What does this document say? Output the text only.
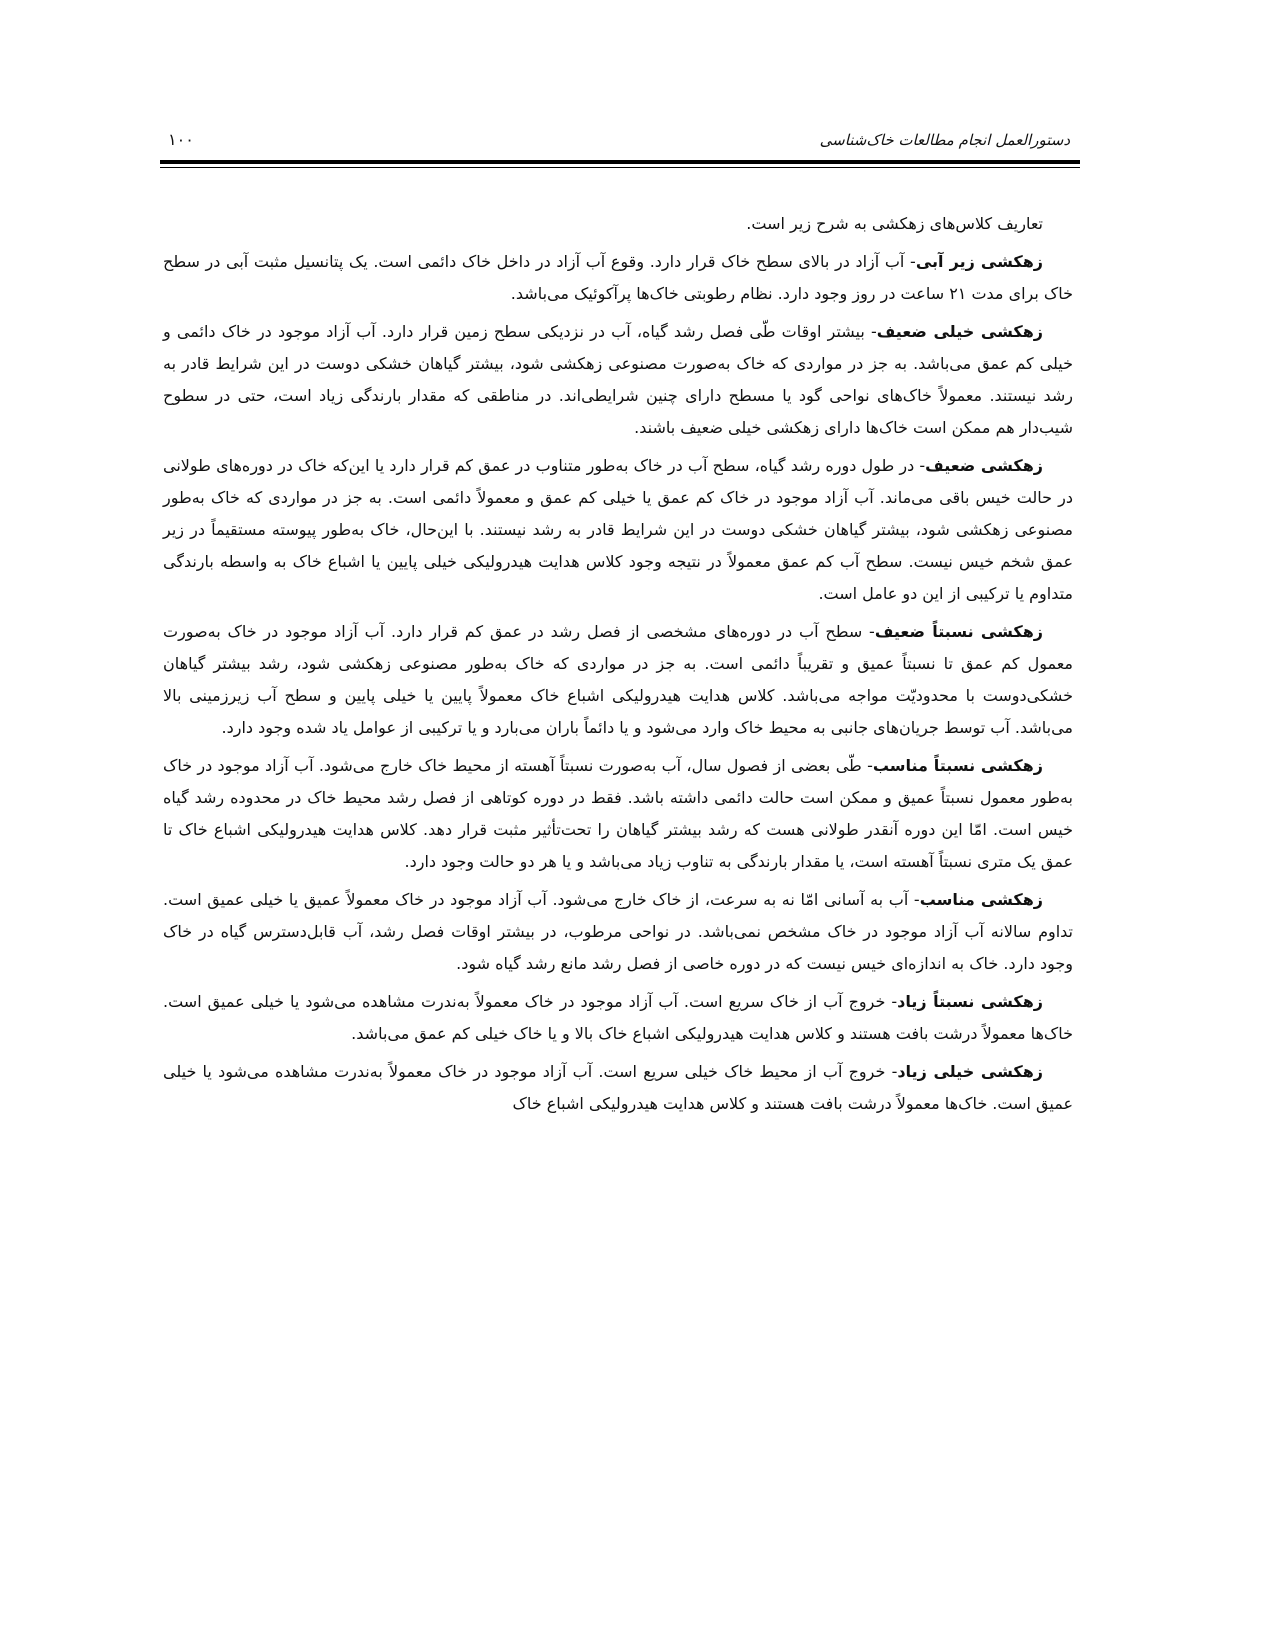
۱۰۰	دستورالعمل انجام مطالعات خاک‌شناسی

تعاریف کلاس‌های زهکشی به شرح زیر است.

زهکشی زیر آبی- آب آزاد در بالای سطح خاک قرار دارد. وقوع آب آزاد در داخل خاک دائمی است. یک پتانسیل مثبت آبی در سطح خاک برای مدت ۲۱ ساعت در روز وجود دارد. نظام رطوبتی خاک‌ها پرآکوئیک می‌باشد.

زهکشی خیلی ضعیف- بیشتر اوقات طّی فصل رشد گیاه، آب در نزدیکی سطح زمین قرار دارد. آب آزاد موجود در خاک دائمی و خیلی کم عمق می‌باشد. به جز در مواردی که خاک به‌صورت مصنوعی زهکشی شود، بیشتر گیاهان خشکی دوست در این شرایط قادر به رشد نیستند. معمولاً خاک‌های نواحی گود یا مسطح دارای چنین شرایطی‌اند. در مناطقی که مقدار بارندگی زیاد است، حتی در سطوح شیب‌دار هم ممکن است خاک‌ها دارای زهکشی خیلی ضعیف باشند.

زهکشی ضعیف- در طول دوره رشد گیاه، سطح آب در خاک به‌طور متناوب در عمق کم قرار دارد یا این‌که خاک در دوره‌های طولانی در حالت خیس باقی می‌ماند. آب آزاد موجود در خاک کم عمق یا خیلی کم عمق و معمولاً دائمی است. به جز در مواردی که خاک به‌طور مصنوعی زهکشی شود، بیشتر گیاهان خشکی دوست در این شرایط قادر به رشد نیستند. با این‌حال، خاک به‌طور پیوسته مستقیماً در زیر عمق شخم خیس نیست. سطح آب کم عمق معمولاً در نتیجه وجود کلاس هدایت هیدرولیکی خیلی پایین یا اشباع خاک به واسطه بارندگی متداوم یا ترکیبی از این دو عامل است.

زهکشی نسبتاً ضعیف- سطح آب در دوره‌های مشخصی از فصل رشد در عمق کم قرار دارد. آب آزاد موجود در خاک به‌صورت معمول کم عمق تا نسبتاً عمیق و تقریباً دائمی است. به جز در مواردی که خاک به‌طور مصنوعی زهکشی شود، رشد بیشتر گیاهان خشکی‌دوست با محدودیّت مواجه می‌باشد. کلاس هدایت هیدرولیکی اشباع خاک معمولاً پایین یا خیلی پایین و سطح آب زیرزمینی بالا می‌باشد. آب توسط جریان‌های جانبی به محیط خاک وارد می‌شود و یا دائماً باران می‌بارد و یا ترکیبی از عوامل یاد شده وجود دارد.

زهکشی نسبتاً مناسب- طّی بعضی از فصول سال، آب به‌صورت نسبتاً آهسته از محیط خاک خارج می‌شود. آب آزاد موجود در خاک به‌طور معمول نسبتاً عمیق و ممکن است حالت دائمی داشته باشد. فقط در دوره کوتاهی از فصل رشد محیط خاک در محدوده رشد گیاه خیس است. امّا این دوره آنقدر طولانی هست که رشد بیشتر گیاهان را تحت‌تأثیر مثبت قرار دهد. کلاس هدایت هیدرولیکی اشباع خاک تا عمق یک متری نسبتاً آهسته است، یا مقدار بارندگی به تناوب زیاد می‌باشد و یا هر دو حالت وجود دارد.

زهکشی مناسب- آب به آسانی امّا نه به سرعت، از خاک خارج می‌شود. آب آزاد موجود در خاک معمولاً عمیق یا خیلی عمیق است. تداوم سالانه آب آزاد موجود در خاک مشخص نمی‌باشد. در نواحی مرطوب، در بیشتر اوقات فصل رشد، آب قابل‌دسترس گیاه در خاک وجود دارد. خاک به اندازه‌ای خیس نیست که در دوره خاصی از فصل رشد مانع رشد گیاه شود.

زهکشی نسبتاً زیاد- خروج آب از خاک سریع است. آب آزاد موجود در خاک معمولاً به‌ندرت مشاهده می‌شود یا خیلی عمیق است. خاک‌ها معمولاً درشت بافت هستند و کلاس هدایت هیدرولیکی اشباع خاک بالا و یا خاک خیلی کم عمق می‌باشد.

زهکشی خیلی زیاد- خروج آب از محیط خاک خیلی سریع است. آب آزاد موجود در خاک معمولاً به‌ندرت مشاهده می‌شود یا خیلی عمیق است. خاک‌ها معمولاً درشت بافت هستند و کلاس هدایت هیدرولیکی اشباع خاک
